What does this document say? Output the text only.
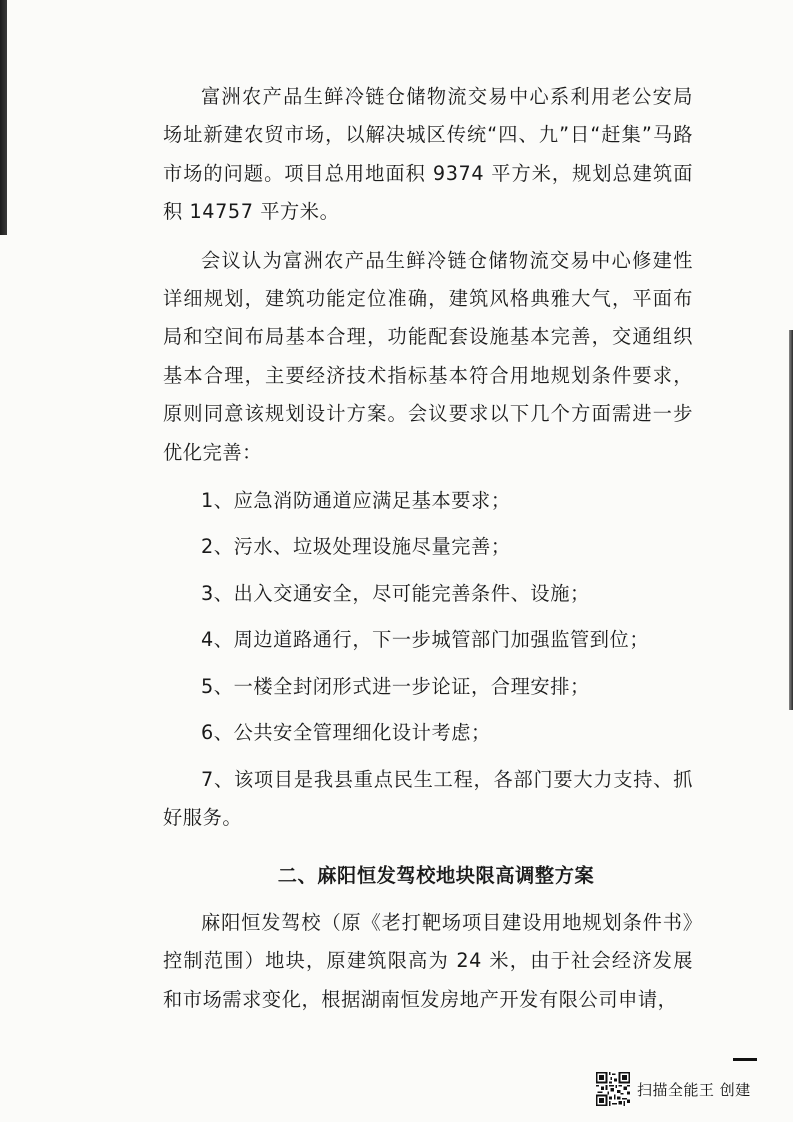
富洲农产品生鲜冷链仓储物流交易中心系利用老公安局场址新建农贸市场，以解决城区传统“四、九”日“赶集”马路市场的问题。项目总用地面积 9374 平方米，规划总建筑面积 14757 平方米。

会议认为富洲农产品生鲜冷链仓储物流交易中心修建性详细规划，建筑功能定位准确，建筑风格典雅大气，平面布局和空间布局基本合理，功能配套设施基本完善，交通组织基本合理，主要经济技术指标基本符合用地规划条件要求，原则同意该规划设计方案。会议要求以下几个方面需进一步优化完善：

1、应急消防通道应满足基本要求；

2、污水、垃圾处理设施尽量完善；

3、出入交通安全，尽可能完善条件、设施；

4、周边道路通行，下一步城管部门加强监管到位；

5、一楼全封闭形式进一步论证，合理安排；

6、公共安全管理细化设计考虑；

7、该项目是我县重点民生工程，各部门要大力支持、抓好服务。

二、麻阳恒发驾校地块限高调整方案

麻阳恒发驾校（原《老打靶场项目建设用地规划条件书》控制范围）地块，原建筑限高为 24 米，由于社会经济发展和市场需求变化，根据湖南恒发房地产开发有限公司申请，

扫描全能王 创建
